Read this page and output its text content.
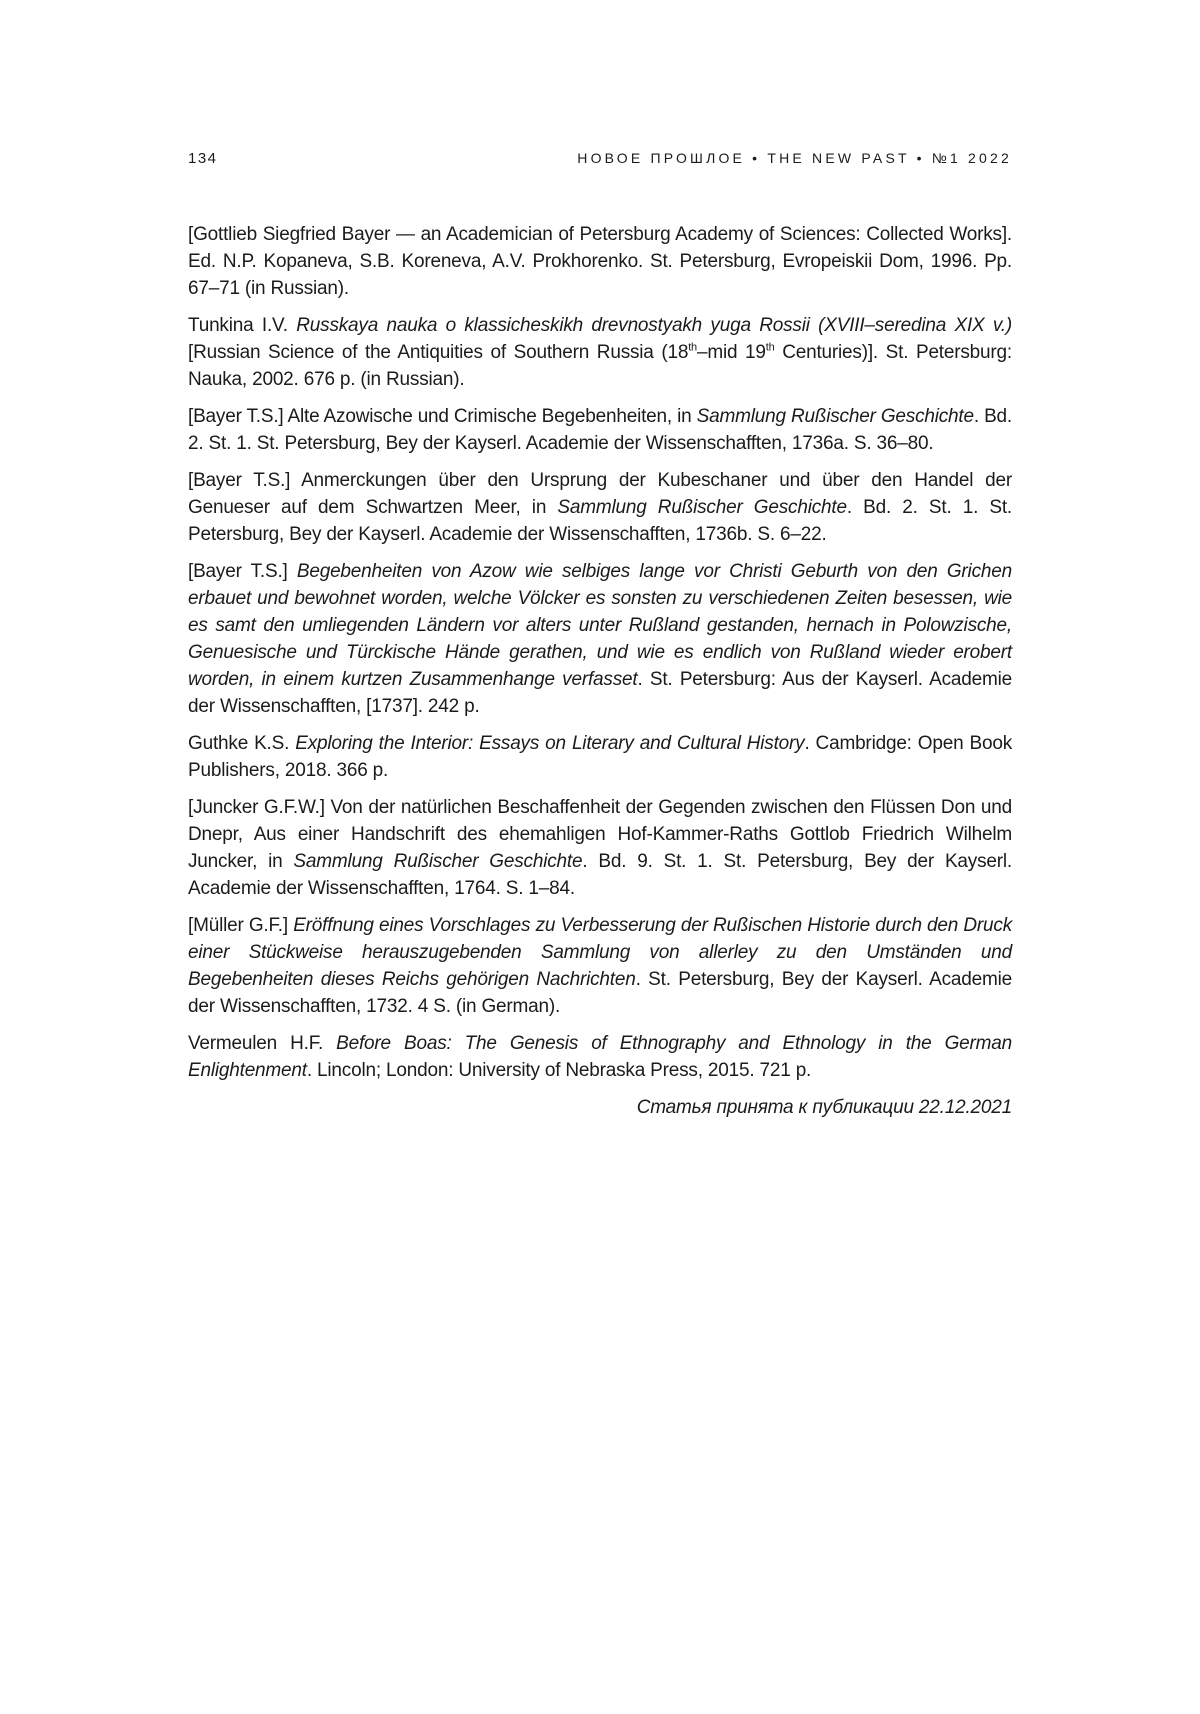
134	НОВОЕ ПРОШЛОЕ • THE NEW PAST • №1 2022

[Gottlieb Siegfried Bayer — an Academician of Petersburg Academy of Sciences: Collected Works]. Ed. N.P. Kopaneva, S.B. Koreneva, A.V. Prokhorenko. St. Petersburg, Evropeiskii Dom, 1996. Pp. 67–71 (in Russian).

Tunkina I.V. Russkaya nauka o klassicheskikh drevnostyakh yuga Rossii (XVIII–seredina XIX v.) [Russian Science of the Antiquities of Southern Russia (18th–mid 19th Centuries)]. St. Petersburg: Nauka, 2002. 676 p. (in Russian).

[Bayer T.S.] Alte Azowische und Crimische Begebenheiten, in Sammlung Rußischer Geschichte. Bd. 2. St. 1. St. Petersburg, Bey der Kayserl. Academie der Wissenschafften, 1736a. S. 36–80.

[Bayer T.S.] Anmerckungen über den Ursprung der Kubeschaner und über den Handel der Genueser auf dem Schwartzen Meer, in Sammlung Rußischer Geschichte. Bd. 2. St. 1. St. Petersburg, Bey der Kayserl. Academie der Wissenschafften, 1736b. S. 6–22.

[Bayer T.S.] Begebenheiten von Azow wie selbiges lange vor Christi Geburth von den Grichen erbauet und bewohnet worden, welche Völcker es sonsten zu verschiedenen Zeiten besessen, wie es samt den umliegenden Ländern vor alters unter Rußland gestanden, hernach in Polowzische, Genuesische und Türckische Hände gerathen, und wie es endlich von Rußland wieder erobert worden, in einem kurtzen Zusammenhange verfasset. St. Petersburg: Aus der Kayserl. Academie der Wissenschafften, [1737]. 242 p.

Guthke K.S. Exploring the Interior: Essays on Literary and Cultural History. Cambridge: Open Book Publishers, 2018. 366 p.

[Juncker G.F.W.] Von der natürlichen Beschaffenheit der Gegenden zwischen den Flüssen Don und Dnepr, Aus einer Handschrift des ehemahligen Hof-Kammer-Raths Gottlob Friedrich Wilhelm Juncker, in Sammlung Rußischer Geschichte. Bd. 9. St. 1. St. Petersburg, Bey der Kayserl. Academie der Wissenschafften, 1764. S. 1–84.

[Müller G.F.] Eröffnung eines Vorschlages zu Verbesserung der Rußischen Historie durch den Druck einer Stückweise herauszugebenden Sammlung von allerley zu den Umständen und Begebenheiten dieses Reichs gehörigen Nachrichten. St. Petersburg, Bey der Kayserl. Academie der Wissenschafften, 1732. 4 S. (in German).

Vermeulen H.F. Before Boas: The Genesis of Ethnography and Ethnology in the German Enlightenment. Lincoln; London: University of Nebraska Press, 2015. 721 p.

Статья принята к публикации 22.12.2021
